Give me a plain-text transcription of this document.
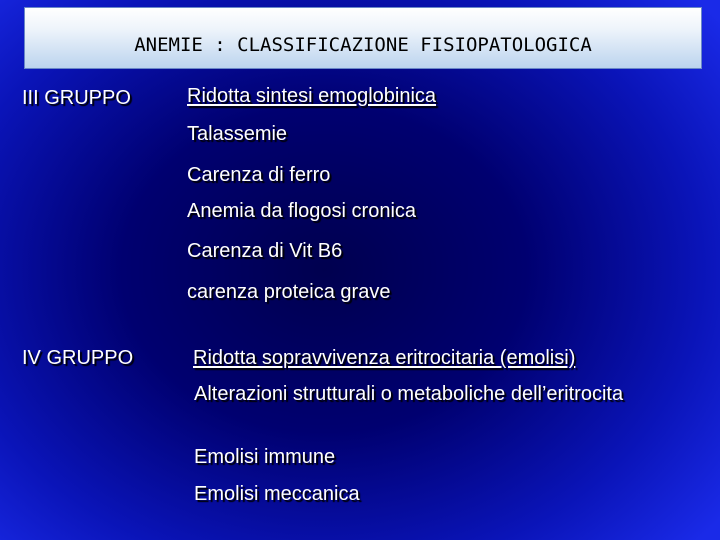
ANEMIE : CLASSIFICAZIONE FISIOPATOLOGICA
III GRUPPO	Ridotta sintesi emoglobinica
Talassemie
Carenza di ferro
Anemia da flogosi cronica
Carenza di Vit B6
carenza proteica grave
IV GRUPPO	Ridotta sopravvivenza eritrocitaria (emolisi)
Alterazioni strutturali o metaboliche dell’eritrocita
Emolisi immune
Emolisi meccanica
